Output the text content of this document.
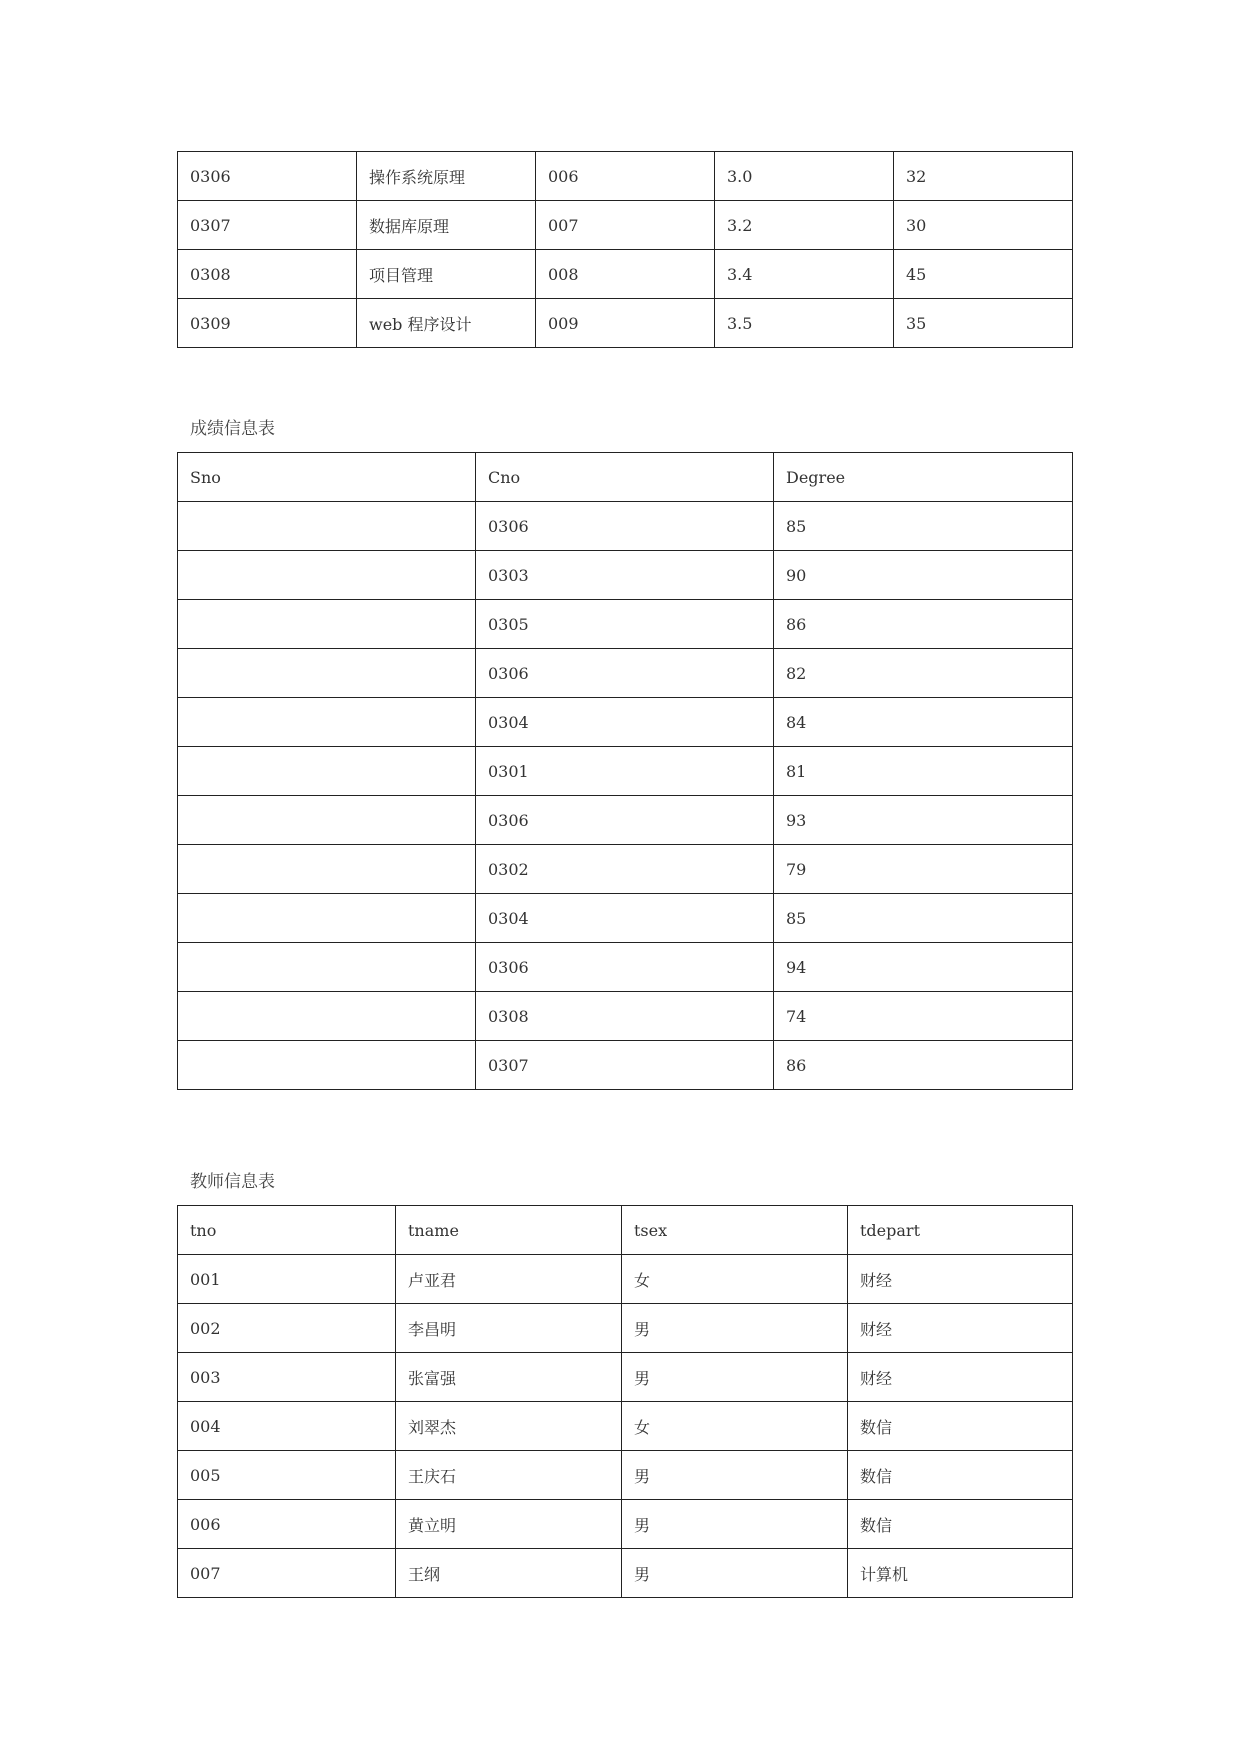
0306	操作系统原理	006	3.0	32
0307	数据库原理	007	3.2	30
0308	项目管理	008	3.4	45
0309	web 程序设计	009	3.5	35
成绩信息表
Sno	Cno	Degree
	0306	85
	0303	90
	0305	86
	0306	82
	0304	84
	0301	81
	0306	93
	0302	79
	0304	85
	0306	94
	0308	74
	0307	86
教师信息表
tno	tname	tsex	tdepart
001	卢亚君	女	财经
002	李昌明	男	财经
003	张富强	男	财经
004	刘翠杰	女	数信
005	王庆石	男	数信
006	黄立明	男	数信
007	王纲	男	计算机
